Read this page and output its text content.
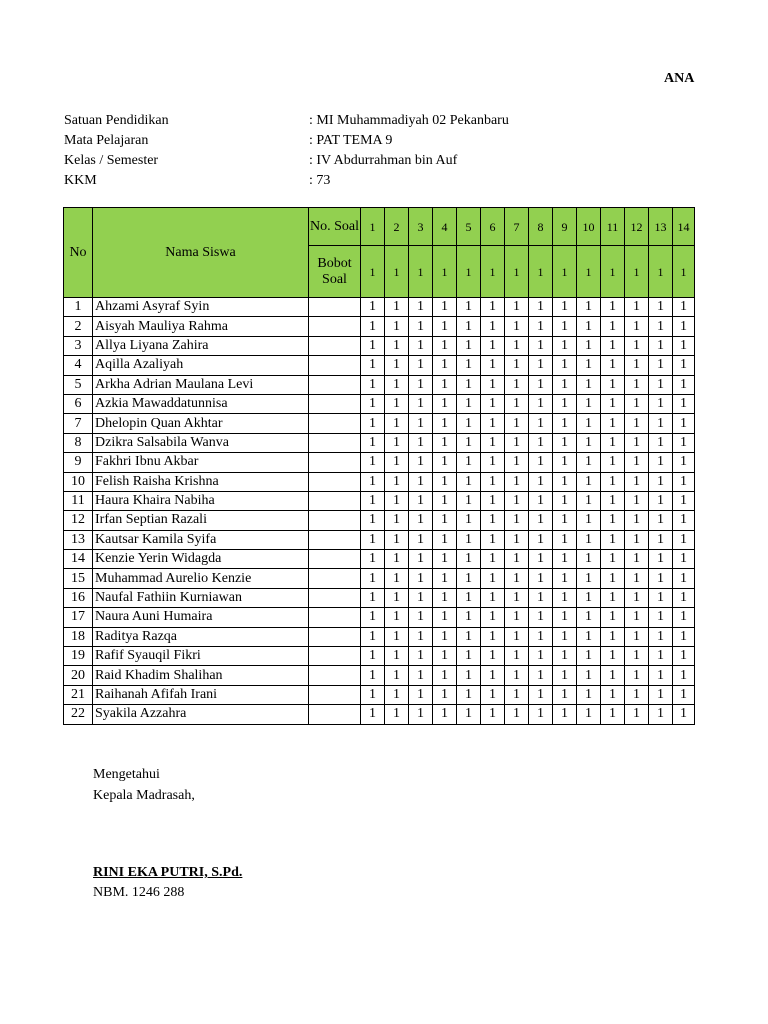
ANA
Satuan Pendidikan	: MI Muhammadiyah 02 Pekanbaru
Mata Pelajaran	: PAT TEMA 9
Kelas / Semester	: IV Abdurrahman bin Auf
KKM	: 73
No	Nama Siswa	No. Soal	1	2	3	4	5	6	7	8	9	10	11	12	13	14
		Bobot Soal	1	1	1	1	1	1	1	1	1	1	1	1	1	1
1	Ahzami Asyraf Syin		1	1	1	1	1	1	1	1	1	1	1	1	1	1
2	Aisyah Mauliya Rahma		1	1	1	1	1	1	1	1	1	1	1	1	1	1
3	Allya Liyana Zahira		1	1	1	1	1	1	1	1	1	1	1	1	1	1
4	Aqilla Azaliyah		1	1	1	1	1	1	1	1	1	1	1	1	1	1
5	Arkha Adrian Maulana Levi		1	1	1	1	1	1	1	1	1	1	1	1	1	1
6	Azkia Mawaddatunnisa		1	1	1	1	1	1	1	1	1	1	1	1	1	1
7	Dhelopin Quan Akhtar		1	1	1	1	1	1	1	1	1	1	1	1	1	1
8	Dzikra Salsabila Wanva		1	1	1	1	1	1	1	1	1	1	1	1	1	1
9	Fakhri Ibnu Akbar		1	1	1	1	1	1	1	1	1	1	1	1	1	1
10	Felish Raisha Krishna		1	1	1	1	1	1	1	1	1	1	1	1	1	1
11	Haura Khaira Nabiha		1	1	1	1	1	1	1	1	1	1	1	1	1	1
12	Irfan Septian Razali		1	1	1	1	1	1	1	1	1	1	1	1	1	1
13	Kautsar Kamila Syifa		1	1	1	1	1	1	1	1	1	1	1	1	1	1
14	Kenzie Yerin Widagda		1	1	1	1	1	1	1	1	1	1	1	1	1	1
15	Muhammad Aurelio Kenzie		1	1	1	1	1	1	1	1	1	1	1	1	1	1
16	Naufal Fathiin Kurniawan		1	1	1	1	1	1	1	1	1	1	1	1	1	1
17	Naura Auni Humaira		1	1	1	1	1	1	1	1	1	1	1	1	1	1
18	Raditya Razqa		1	1	1	1	1	1	1	1	1	1	1	1	1	1
19	Rafif Syauqil Fikri		1	1	1	1	1	1	1	1	1	1	1	1	1	1
20	Raid Khadim Shalihan		1	1	1	1	1	1	1	1	1	1	1	1	1	1
21	Raihanah Afifah Irani		1	1	1	1	1	1	1	1	1	1	1	1	1	1
22	Syakila Azzahra		1	1	1	1	1	1	1	1	1	1	1	1	1	1
Mengetahui
Kepala Madrasah,
RINI EKA PUTRI, S.Pd.
NBM. 1246 288
